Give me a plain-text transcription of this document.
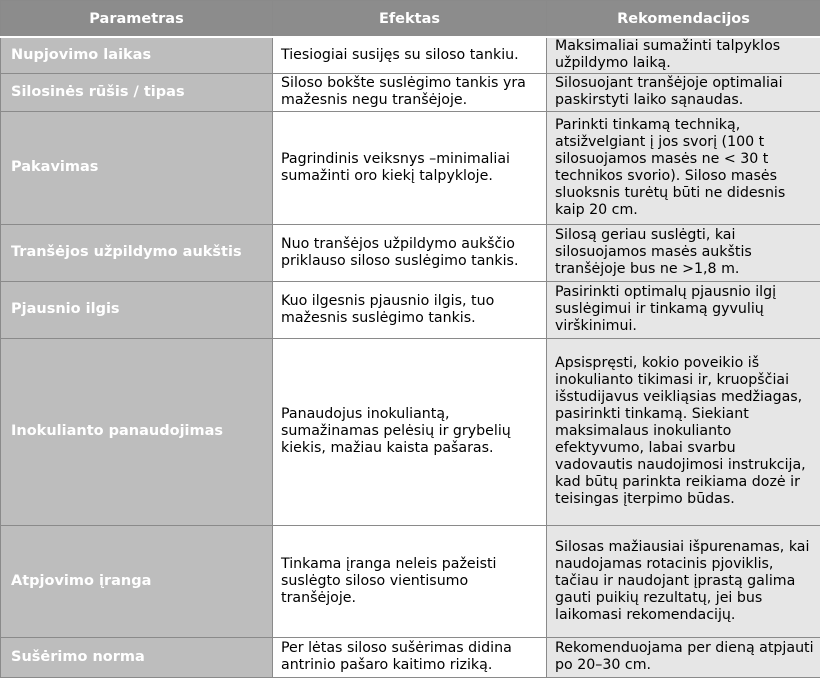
Parametras	Efektas	Rekomendacijos
Nupjovimo laikas	Tiesiogiai susijęs su siloso tankiu.	Maksimaliai sumažinti talpyklos užpildymo laiką.
Silosinės rūšis / tipas	Siloso bokšte suslėgimo tankis yra mažesnis negu tranšėjoje.	Silosuojant tranšėjoje optimaliai paskirstyti laiko sąnaudas.
Pakavimas	Pagrindinis veiksnys –minimaliai sumažinti oro kiekį talpykloje.	Parinkti tinkamą techniką, atsižvelgiant į jos svorį (100 t silosuojamos masės ne < 30 t technikos svorio). Siloso masės sluoksnis turėtų būti ne didesnis kaip 20 cm.
Tranšėjos užpildymo aukštis	Nuo tranšėjos užpildymo aukščio priklauso siloso suslėgimo tankis.	Silosą geriau suslėgti, kai silosuojamos masės aukštis tranšėjoje bus ne >1,8 m.
Pjausnio ilgis	Kuo ilgesnis pjausnio ilgis, tuo mažesnis suslėgimo tankis.	Pasirinkti optimalų pjausnio ilgį suslėgimui ir tinkamą gyvulių virškinimui.
Inokulianto panaudojimas	Panaudojus inokuliantą, sumažinamas pelėsių ir grybelių kiekis, mažiau kaista pašaras.	Apsispręsti, kokio poveikio iš inokulianto tikimasi ir, kruopščiai išstudijavus veikliąsias medžiagas, pasirinkti tinkamą. Siekiant maksimalaus inokulianto efektyvumo, labai svarbu vadovautis naudojimosi instrukcija, kad būtų parinkta reikiama dozė ir teisingas įterpimo būdas.
Atpjovimo įranga	Tinkama įranga neleis pažeisti suslėgto siloso vientisumo tranšėjoje.	Silosas mažiausiai išpurenamas, kai naudojamas rotacinis pjoviklis, tačiau ir naudojant įprastą galima gauti puikių rezultatų, jei bus laikomasi rekomendacijų.
Sušėrimo norma	Per lėtas siloso sušėrimas didina antrinio pašaro kaitimo riziką.	Rekomenduojama per dieną atpjauti po 20–30 cm.
